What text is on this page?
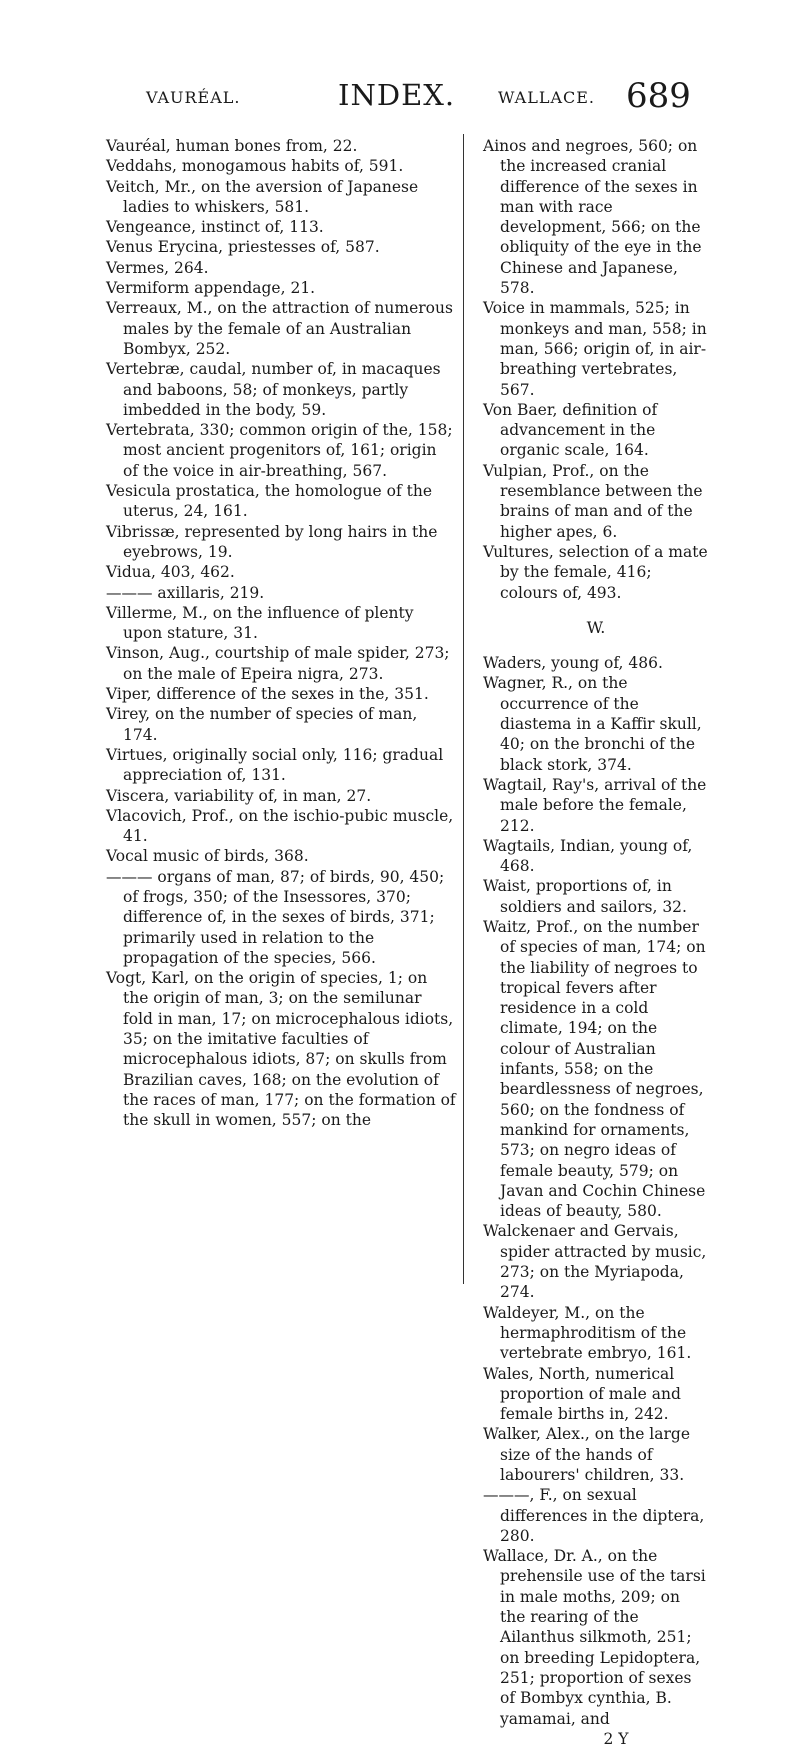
VAURÉAL.	INDEX.	WALLACE. 689

Vauréal, human bones from, 22.

Veddahs, monogamous habits of, 591.

Veitch, Mr., on the aversion of Japanese ladies to whiskers, 581.

Vengeance, instinct of, 113.

Venus Erycina, priestesses of, 587.

Vermes, 264.

Vermiform appendage, 21.

Verreaux, M., on the attraction of numerous males by the female of an Australian Bombyx, 252.

Vertebræ, caudal, number of, in macaques and baboons, 58; of monkeys, partly imbedded in the body, 59.

Vertebrata, 330; common origin of the, 158; most ancient progenitors of, 161; origin of the voice in air-breathing, 567.

Vesicula prostatica, the homologue of the uterus, 24, 161.

Vibrissæ, represented by long hairs in the eyebrows, 19.

Vidua, 403, 462.

——— axillaris, 219.

Villerme, M., on the influence of plenty upon stature, 31.

Vinson, Aug., courtship of male spider, 273; on the male of Epeira nigra, 273.

Viper, difference of the sexes in the, 351.

Virey, on the number of species of man, 174.

Virtues, originally social only, 116; gradual appreciation of, 131.

Viscera, variability of, in man, 27.

Vlacovich, Prof., on the ischio-pubic muscle, 41.

Vocal music of birds, 368.

——— organs of man, 87; of birds, 90, 450; of frogs, 350; of the Insessores, 370; difference of, in the sexes of birds, 371; primarily used in relation to the propagation of the species, 566.

Vogt, Karl, on the origin of species, 1; on the origin of man, 3; on the semilunar fold in man, 17; on microcephalous idiots, 35; on the imitative faculties of microcephalous idiots, 87; on skulls from Brazilian caves, 168; on the evolution of the races of man, 177; on the formation of the skull in women, 557; on the

Ainos and negroes, 560; on the increased cranial difference of the sexes in man with race development, 566; on the obliquity of the eye in the Chinese and Japanese, 578.

Voice in mammals, 525; in monkeys and man, 558; in man, 566; origin of, in air-breathing vertebrates, 567.

Von Baer, definition of advancement in the organic scale, 164.

Vulpian, Prof., on the resemblance between the brains of man and of the higher apes, 6.

Vultures, selection of a mate by the female, 416; colours of, 493.

W.

Waders, young of, 486.

Wagner, R., on the occurrence of the diastema in a Kaffir skull, 40; on the bronchi of the black stork, 374.

Wagtail, Ray's, arrival of the male before the female, 212.

Wagtails, Indian, young of, 468.

Waist, proportions of, in soldiers and sailors, 32.

Waitz, Prof., on the number of species of man, 174; on the liability of negroes to tropical fevers after residence in a cold climate, 194; on the colour of Australian infants, 558; on the beardlessness of negroes, 560; on the fondness of mankind for ornaments, 573; on negro ideas of female beauty, 579; on Javan and Cochin Chinese ideas of beauty, 580.

Walckenaer and Gervais, spider attracted by music, 273; on the Myriapoda, 274.

Waldeyer, M., on the hermaphroditism of the vertebrate embryo, 161.

Wales, North, numerical proportion of male and female births in, 242.

Walker, Alex., on the large size of the hands of labourers' children, 33.

———, F., on sexual differences in the diptera, 280.

Wallace, Dr. A., on the prehensile use of the tarsi in male moths, 209; on the rearing of the Ailanthus silkmoth, 251; on breeding Lepidoptera, 251; proportion of sexes of Bombyx cynthia, B. yamamai, and

2 Y
